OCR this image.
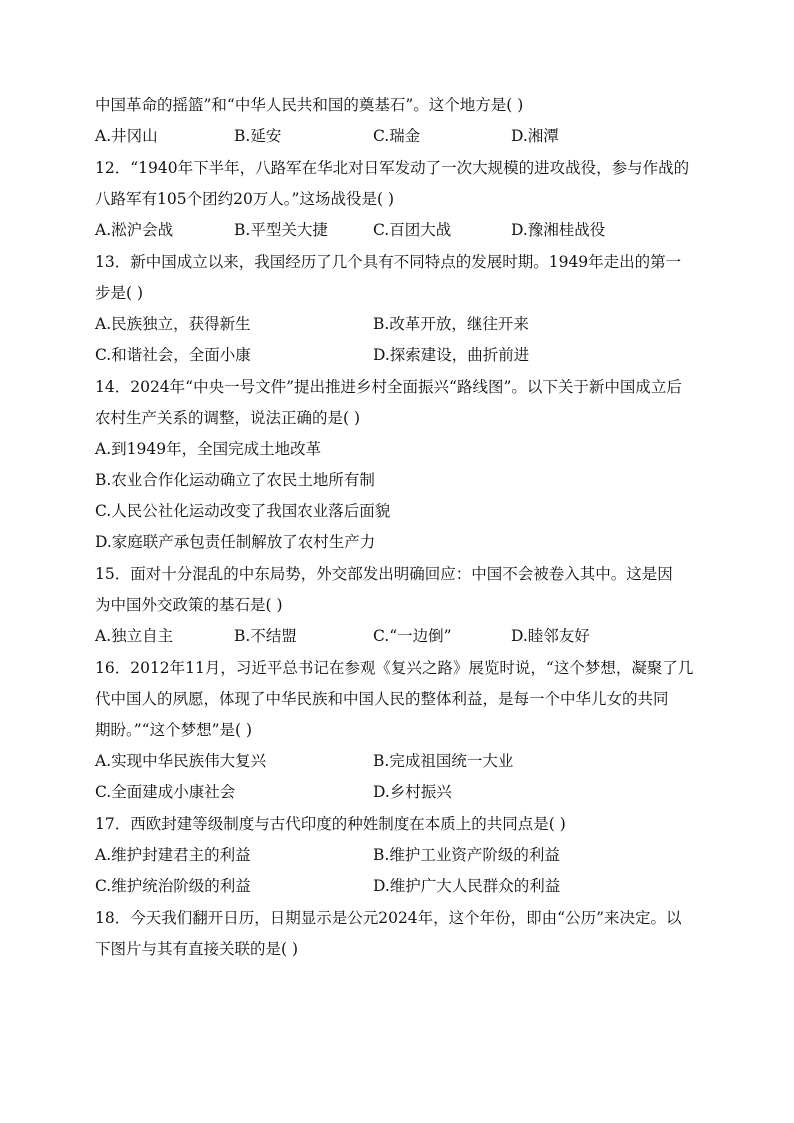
中国革命的摇篮”和“中华人民共和国的奠基石”。这个地方是( )
A.井冈山	B.延安	C.瑞金	D.湘潭
12．“1940年下半年，八路军在华北对日军发动了一次大规模的进攻战役，参与作战的
八路军有105个团约20万人。”这场战役是( )
A.淞沪会战	B.平型关大捷	C.百团大战	D.豫湘桂战役
13．新中国成立以来，我国经历了几个具有不同特点的发展时期。1949年走出的第一
步是( )
A.民族独立，获得新生	B.改革开放，继往开来
C.和谐社会，全面小康	D.探索建设，曲折前进
14．2024年“中央一号文件”提出推进乡村全面振兴“路线图”。以下关于新中国成立后
农村生产关系的调整，说法正确的是( )
A.到1949年，全国完成土地改革
B.农业合作化运动确立了农民土地所有制
C.人民公社化运动改变了我国农业落后面貌
D.家庭联产承包责任制解放了农村生产力
15．面对十分混乱的中东局势，外交部发出明确回应：中国不会被卷入其中。这是因
为中国外交政策的基石是( )
A.独立自主	B.不结盟	C.“一边倒”	D.睦邻友好
16．2012年11月，习近平总书记在参观《复兴之路》展览时说，“这个梦想，凝聚了几
代中国人的夙愿，体现了中华民族和中国人民的整体利益，是每一个中华儿女的共同
期盼。”“这个梦想”是( )
A.实现中华民族伟大复兴	B.完成祖国统一大业
C.全面建成小康社会	D.乡村振兴
17．西欧封建等级制度与古代印度的种姓制度在本质上的共同点是( )
A.维护封建君主的利益	B.维护工业资产阶级的利益
C.维护统治阶级的利益	D.维护广大人民群众的利益
18．今天我们翻开日历，日期显示是公元2024年，这个年份，即由“公历”来决定。以
下图片与其有直接关联的是( )
